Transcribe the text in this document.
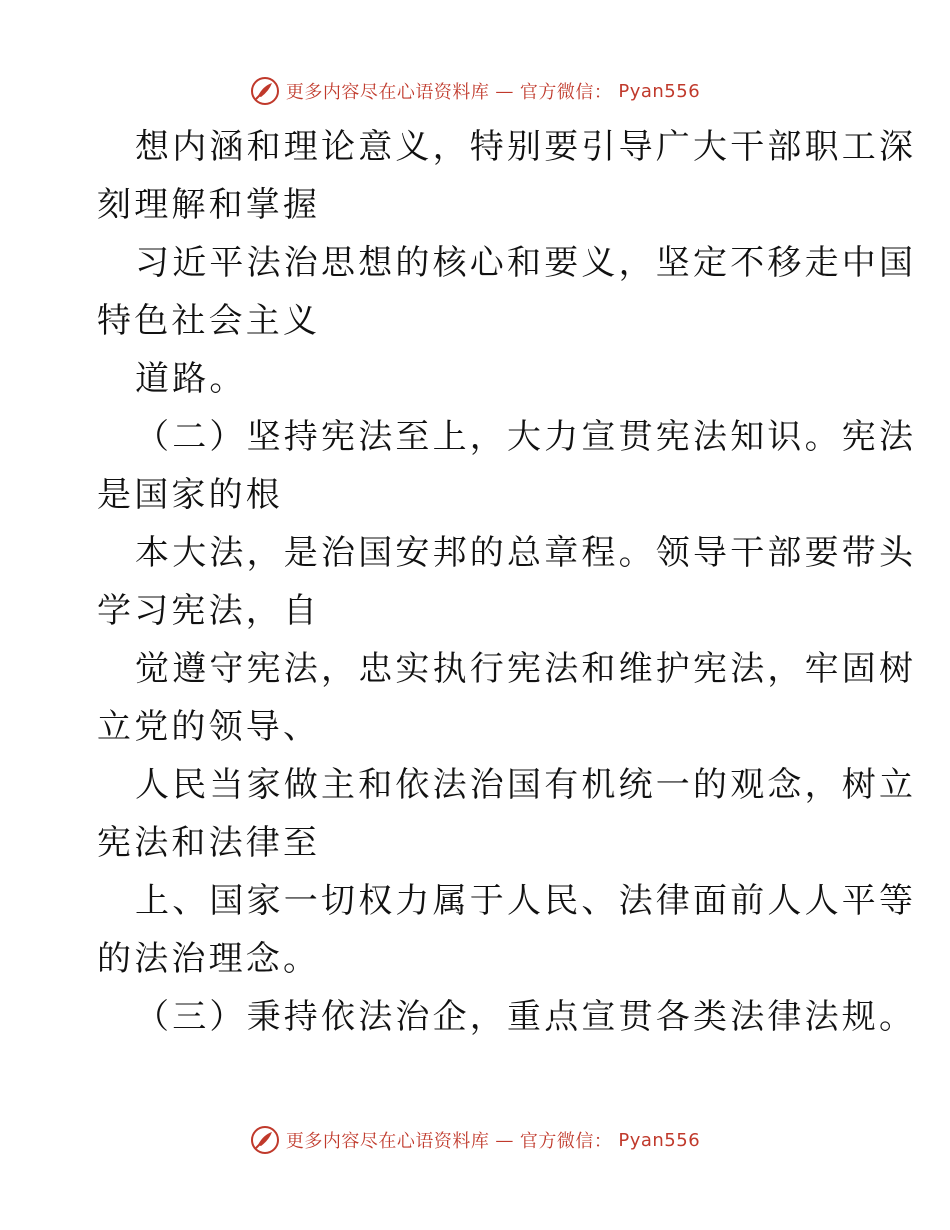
更多内容尽在心语资料库 — 官方微信： Pyan556
想内涵和理论意义，特别要引导广大干部职工深
刻理解和掌握
习近平法治思想的核心和要义，坚定不移走中国
特色社会主义
道路。
（二）坚持宪法至上，大力宣贯宪法知识。宪法
是国家的根
本大法，是治国安邦的总章程。领导干部要带头
学习宪法，自
觉遵守宪法，忠实执行宪法和维护宪法，牢固树
立党的领导、
人民当家做主和依法治国有机统一的观念，树立
宪法和法律至
上、国家一切权力属于人民、法律面前人人平等
的法治理念。
（三）秉持依法治企，重点宣贯各类法律法规。
更多内容尽在心语资料库 — 官方微信： Pyan556
